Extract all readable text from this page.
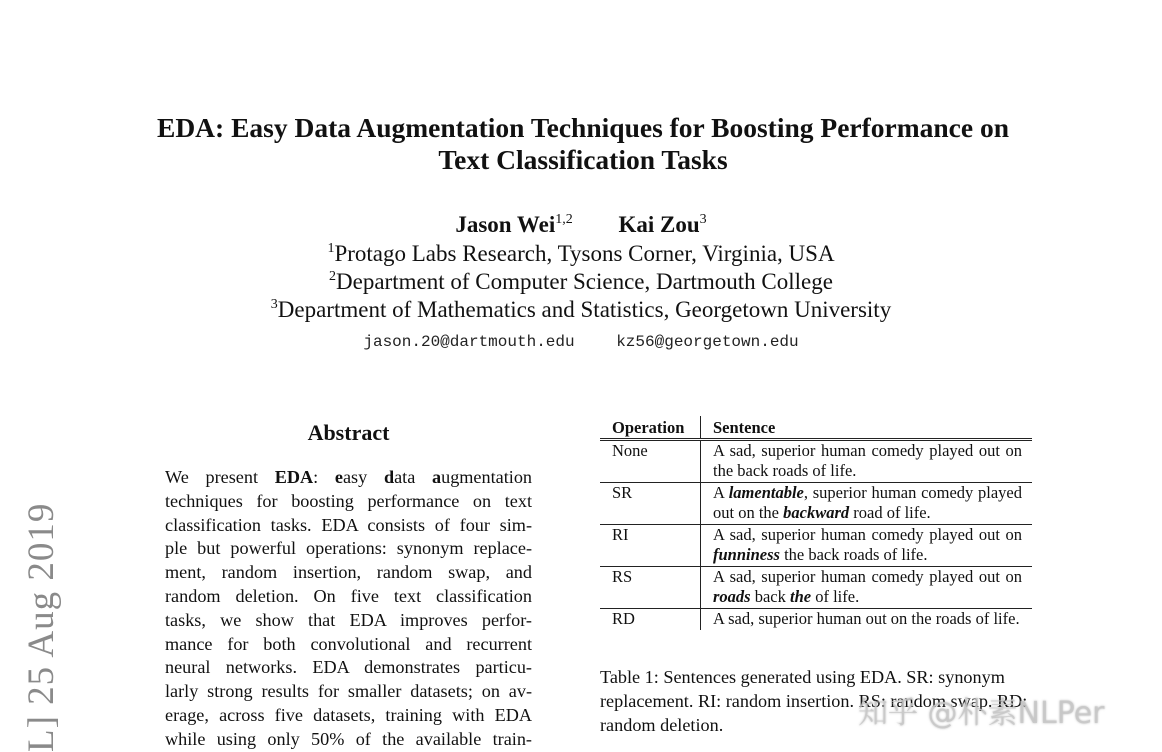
EDA: Easy Data Augmentation Techniques for Boosting Performance on
Text Classification Tasks
Jason Wei$^{1,2}$ Kai Zou$^3$
$^1$Protago Labs Research, Tysons Corner, Virginia, USA
$^2$Department of Computer Science, Dartmouth College
$^3$Department of Mathematics and Statistics, Georgetown University
jason.20@dartmouth.edu	kz56@georgetown.edu
L] 25 Aug 2019
Abstract
We present EDA: easy data augmentation
techniques for boosting performance on text
classification tasks. EDA consists of four sim-
ple but powerful operations: synonym replace-
ment, random insertion, random swap, and
random deletion. On five text classification
tasks, we show that EDA improves perfor-
mance for both convolutional and recurrent
neural networks. EDA demonstrates particu-
larly strong results for smaller datasets; on av-
erage, across five datasets, training with EDA
while using only 50% of the available train-
Operation	Sentence
None	A sad, superior human comedy played out on the back roads of life.
SR	A lamentable, superior human comedy played out on the backward road of life.
RI	A sad, superior human comedy played out on funniness the back roads of life.
RS	A sad, superior human comedy played out on roads back the of life.
RD	A sad, superior human out on the roads of life.
Table 1: Sentences generated using EDA. SR: synonym replacement. RI: random insertion. RS: random swap. RD: random deletion.	知乎 @朴素NLPer
